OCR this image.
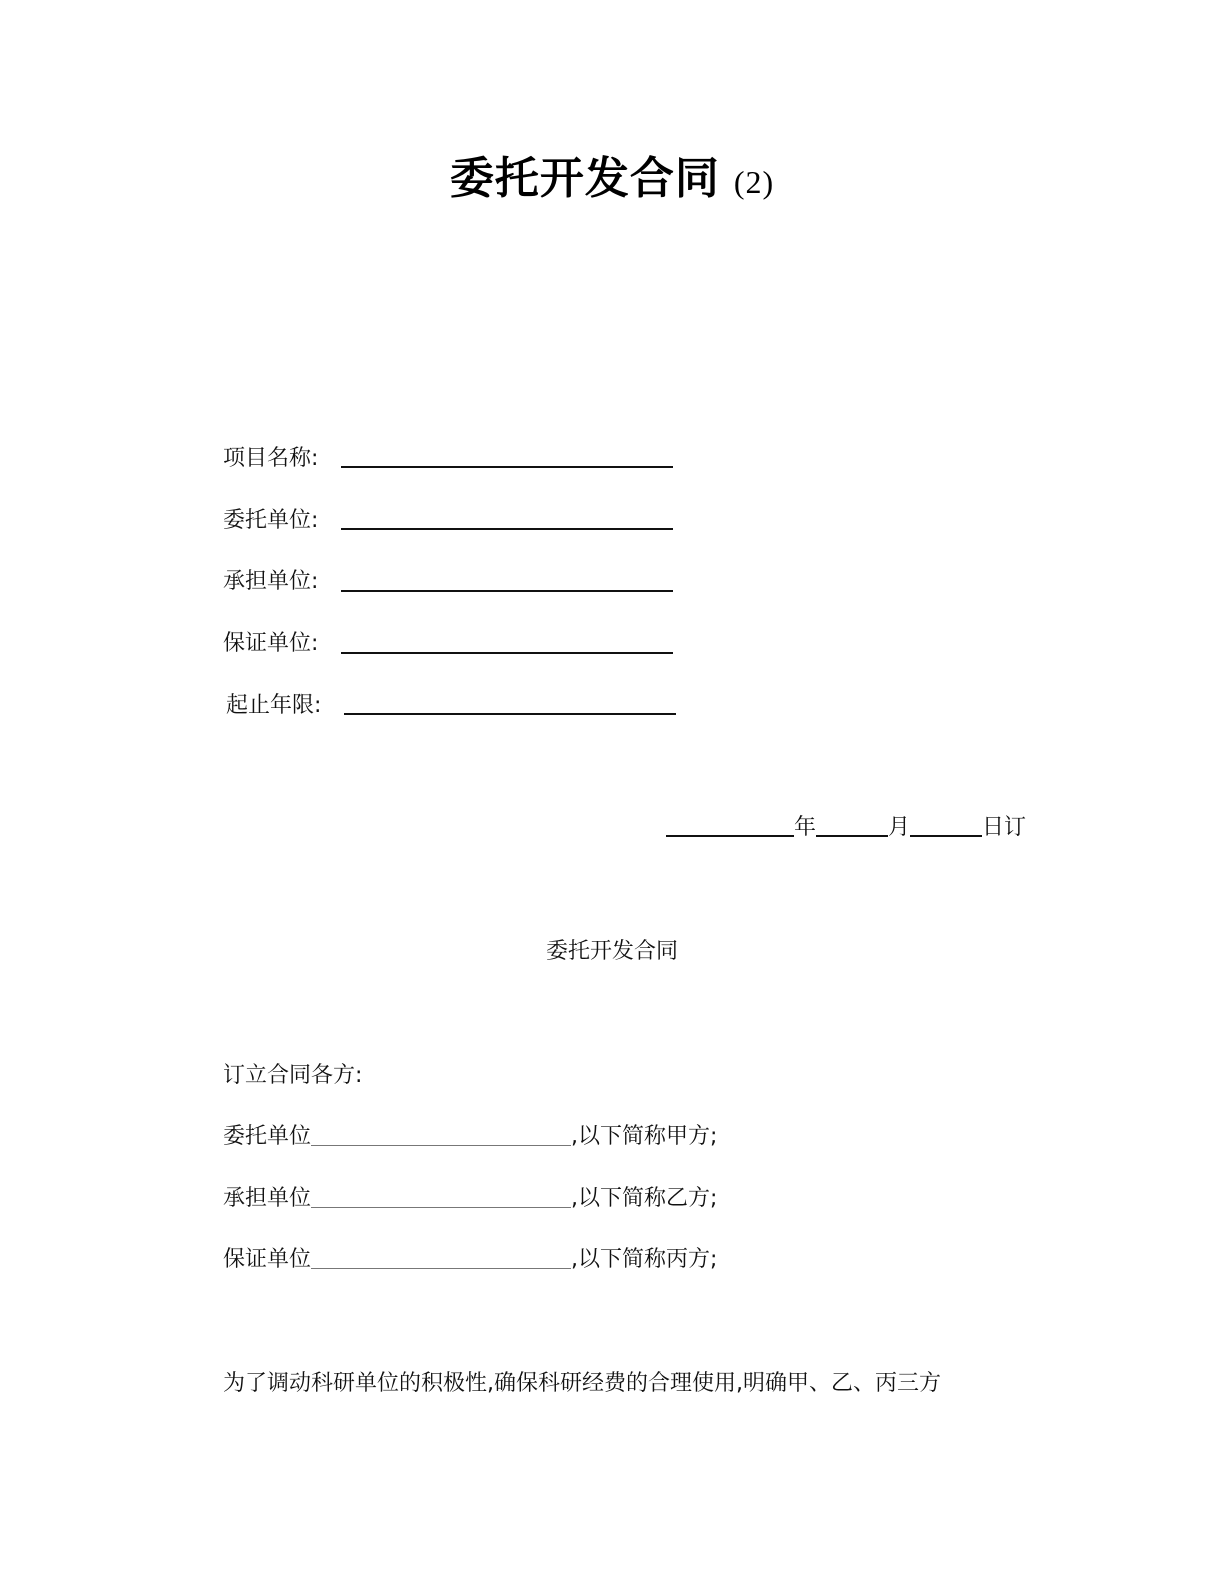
委托开发合同 (2)
项目名称:
委托单位:
承担单位:
保证单位:
起止年限:
年	月	日订
委托开发合同
订立合同各方:
委托单位	,以下简称甲方;
承担单位	,以下简称乙方;
保证单位	,以下简称丙方;
为了调动科研单位的积极性,确保科研经费的合理使用,明确甲、乙、丙三方
